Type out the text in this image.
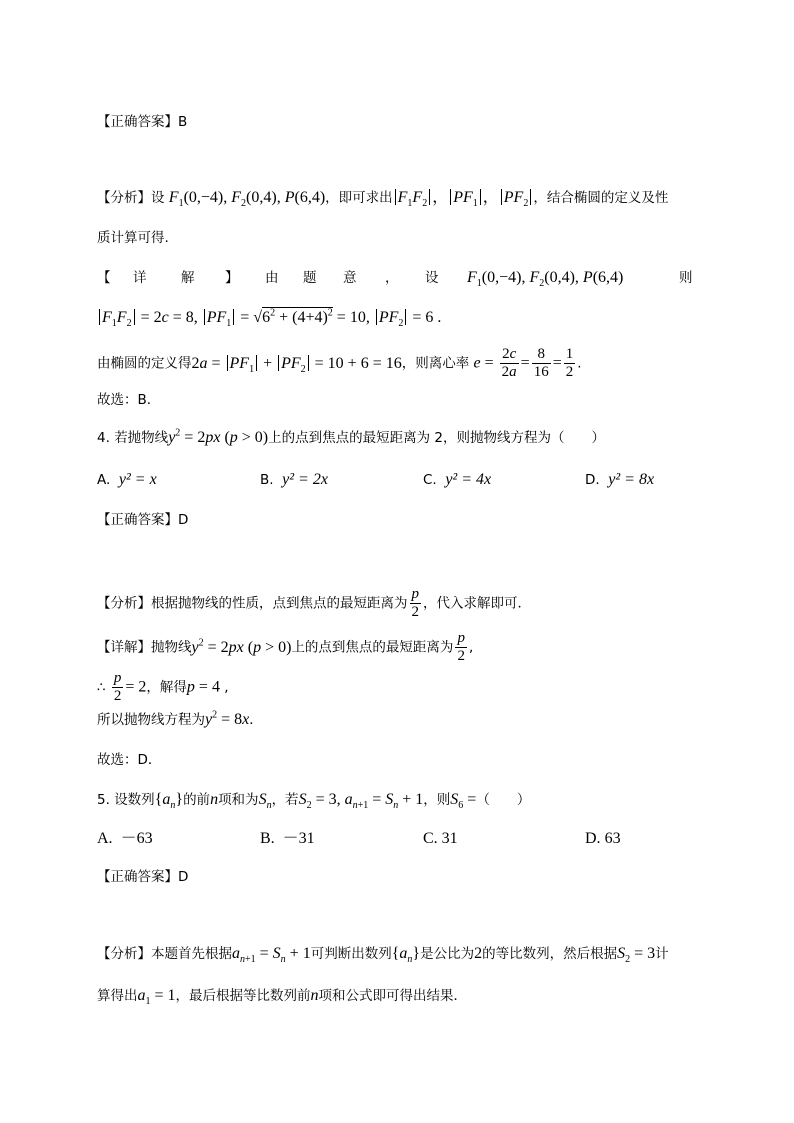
【正确答案】B
【分析】设 $F_1(0,-4)$, $F_2(0,4)$, P(6,4)，即可求出 $F_1F_2$ ， $PF_1$ ， $PF_2$ ，结合椭圆的定义及性
质计算可得.
【 详	解 】 由 题 意 ， 设 $F_1(0,-4)$, $F_2(0,4)$, P(6,4)	则
$F_1F_2 = 2c = 8$, $PF_1 = √6^2 + (4+4)^2 = 10$, $PF_2 = 6$ .
由椭圆的定义得$2a = PF_1 + PF_2 = 10 + 6 = 16$，则离心率 $e = \frac{2c}{2a} = \frac{8}{16} = \frac{1}{2}$ .
故选：B．
4. 若抛物线$y^2 = 2px$ (p > 0)上的点到焦点的最短距离为 2，则抛物线方程为（　　）
A. y² = x	B. y² = 2x	C. y² = 4x	D. y² = 8x
【正确答案】D
【分析】根据抛物线的性质，点到焦点的最短距离为 $\frac{p}{2}$ ，代入求解即可．
【详解】抛物线$y^2 = 2px$ (p > 0)上的点到焦点的最短距离为 $\frac{p}{2}$ ,
∴ $\frac{p}{2} = 2$，解得p = 4 ,
所以抛物线方程为$y^2 = 8x$．
故选：D．
5. 设数列$\{a_n\}$的前n项和为$S_n$，若$S_2 = 3$, $a_{n+1} = S_n + 1$，则$S_6$ =（　　）
A. －63	B. －31	C. 31	D. 63
【正确答案】D
【分析】本题首先根据$a_{n+1} = S_n + 1$可判断出数列$\{a_n\}$是公比为2的等比数列，然后根据$S_2 = 3$计
算得出$a_1 = 1$，最后根据等比数列前n项和公式即可得出结果．
